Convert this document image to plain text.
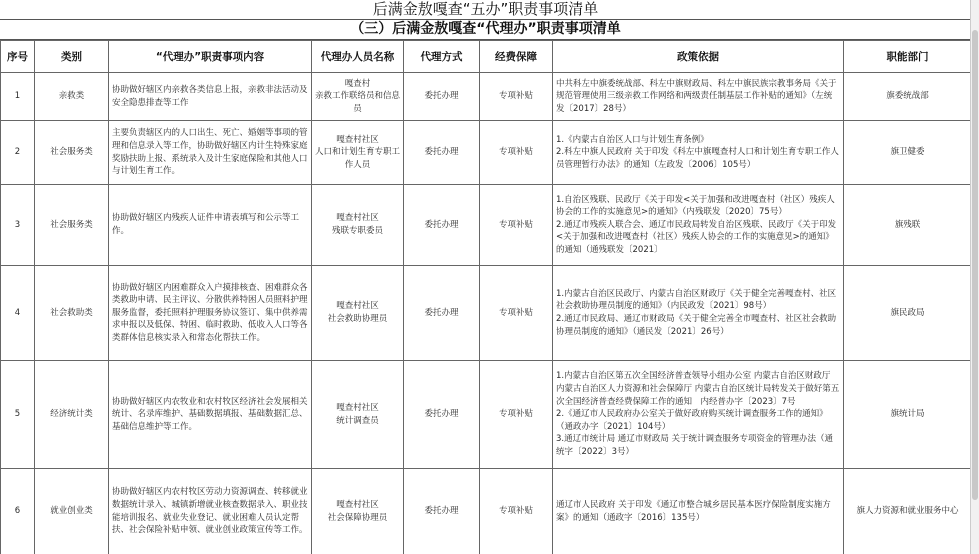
后满金敖嘎查“五办”职责事项清单
（三）后满金敖嘎查“代理办”职责事项清单
序号	类别	“代理办”职责事项内容	代理办人员名称	代理方式	经费保障	政策依据	职能部门
1	亲救类	协助做好辖区内亲救各类信息上报，亲救非法活动及安全隐患排查等工作	嘎查村
亲救工作联络员和信息员	委托办理	专项补贴	中共科左中旗委统战部、科左中旗财政局、科左中旗民族宗教事务局《关于规范管理使用三级亲救工作网络和两级责任制基层工作补贴的通知》（左统发〔2017〕28号）	旗委统战部
2	社会服务类	主要负责辖区内的人口出生、死亡、婚姻等事项的管理和信息录入等工作，协助做好辖区内计生特殊家庭奖励扶助上报、系统录入及计生家庭保险和其他人口与计划生育工作。	嘎查村社区
人口和计划生育专职工作人员	委托办理	专项补贴	1.《内蒙古自治区人口与计划生育条例》
2.科左中旗人民政府 关于印发《科左中旗嘎查村人口和计划生育专职工作人员管理暂行办法》的通知（左政发〔2006〕105号）	旗卫健委
3	社会服务类	协助做好辖区内残疾人证件申请表填写和公示等工作。	嘎查村社区
残联专职委员	委托办理	专项补贴	1.自治区残联、民政厅《关于印发<关于加强和改进嘎查村（社区）残疾人协会的工作的实施意见>的通知》（内残联发〔2020〕75号）
2.通辽市残疾人联合会、通辽市民政局转发自治区残联、民政厅《关于印发<关于加强和改进嘎查村（社区）残疾人协会的工作的实施意见>的通知》的通知（通残联发〔2021〕	旗残联
4	社会救助类	协助做好辖区内困难群众入户摸排核查、困难群众各类救助申请、民主评议、分散供养特困人员照料护理服务监督，委托照料护理服务协议签订、集中供养需求申报以及低保、特困、临时救助、低收入人口等各类群体信息核实录入和常态化帮扶工作。	嘎查村社区
社会救助协理员	委托办理	专项补贴	1.内蒙古自治区民政厅、内蒙古自治区财政厅《关于健全完善嘎查村、社区社会救助协理员制度的通知》（内民政发〔2021〕98号）
2.通辽市民政局、通辽市财政局《关于健全完善全市嘎查村、社区社会救助协理员制度的通知》（通民发〔2021〕26号）	旗民政局
5	经济统计类	协助做好辖区内农牧业和农村牧区经济社会发展相关统计、名录库维护、基础数据填报、基础数据汇总、基础信息维护等工作。	嘎查村社区
统计调查员	委托办理	专项补贴	1.内蒙古自治区第五次全国经济普查领导小组办公室 内蒙古自治区财政厅 内蒙古自治区人力资源和社会保障厅 内蒙古自治区统计局转发关于做好第五次全国经济普查经费保障工作的通知　内经普办字〔2023〕7号
2.《通辽市人民政府办公室关于做好政府购买统计调查服务工作的通知》（通政办字〔2021〕104号）
3.通辽市统计局 通辽市财政局 关于统计调查服务专项资金的管理办法（通统字〔2022〕3号）	旗统计局
6	就业创业类	协助做好辖区内农村牧区劳动力资源调查、转移就业数据统计录入、城镇新增就业核查数据录入、职业技能培训报名、就业失业登记、就业困难人员认定帮扶、社会保险补贴申领、就业创业政策宣传等工作。	嘎查村社区
社会保障协理员	委托办理	专项补贴	通辽市人民政府 关于印发《通辽市整合城乡居民基本医疗保险制度实施方案》的通知（通政字〔2016〕135号）	旗人力资源和就业服务中心
